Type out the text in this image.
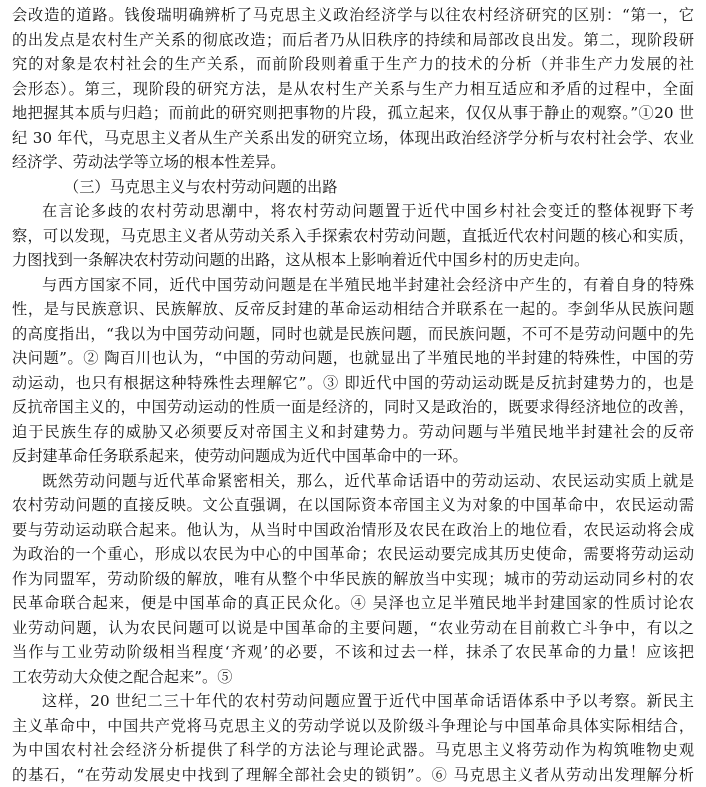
会改造的道路。钱俊瑞明确辨析了马克思主义政治经济学与以往农村经济研究的区别：“第一，它
的出发点是农村生产关系的彻底改造；而后者乃从旧秩序的持续和局部改良出发。第二，现阶段研
究的对象是农村社会的生产关系，而前阶段则着重于生产力的技术的分析（并非生产力发展的社
会形态）。第三，现阶段的研究方法，是从农村生产关系与生产力相互适应和矛盾的过程中，全面
地把握其本质与归趋；而前此的研究则把事物的片段，孤立起来，仅仅从事于静止的观察。”①20 世
纪 30 年代，马克思主义者从生产关系出发的研究立场，体现出政治经济学分析与农村社会学、农业
经济学、劳动法学等立场的根本性差异。
（三）马克思主义与农村劳动问题的出路
在言论多歧的农村劳动思潮中，将农村劳动问题置于近代中国乡村社会变迁的整体视野下考
察，可以发现，马克思主义者从劳动关系入手探索农村劳动问题，直抵近代农村问题的核心和实质，
力图找到一条解决农村劳动问题的出路，这从根本上影响着近代中国乡村的历史走向。
与西方国家不同，近代中国劳动问题是在半殖民地半封建社会经济中产生的，有着自身的特殊
性，是与民族意识、民族解放、反帝反封建的革命运动相结合并联系在一起的。李剑华从民族问题
的高度指出，“我以为中国劳动问题，同时也就是民族问题，而民族问题，不可不是劳动问题中的先
决问题”。② 陶百川也认为，“中国的劳动问题，也就显出了半殖民地的半封建的特殊性，中国的劳
动运动，也只有根据这种特殊性去理解它”。③ 即近代中国的劳动运动既是反抗封建势力的，也是
反抗帝国主义的，中国劳动运动的性质一面是经济的，同时又是政治的，既要求得经济地位的改善，
迫于民族生存的威胁又必须要反对帝国主义和封建势力。劳动问题与半殖民地半封建社会的反帝
反封建革命任务联系起来，使劳动问题成为近代中国革命中的一环。
既然劳动问题与近代革命紧密相关，那么，近代革命话语中的劳动运动、农民运动实质上就是
农村劳动问题的直接反映。文公直强调，在以国际资本帝国主义为对象的中国革命中，农民运动需
要与劳动运动联合起来。他认为，从当时中国政治情形及农民在政治上的地位看，农民运动将会成
为政治的一个重心，形成以农民为中心的中国革命；农民运动要完成其历史使命，需要将劳动运动
作为同盟军，劳动阶级的解放，唯有从整个中华民族的解放当中实现；城市的劳动运动同乡村的农
民革命联合起来，便是中国革命的真正民众化。④ 吴泽也立足半殖民地半封建国家的性质讨论农
业劳动问题，认为农民问题可以说是中国革命的主要问题，“农业劳动在目前救亡斗争中，有以之
当作与工业劳动阶级相当程度‘齐观’的必要，不该和过去一样，抹杀了农民革命的力量！应该把
工农劳动大众使之配合起来”。⑤
这样，20 世纪二三十年代的农村劳动问题应置于近代中国革命话语体系中予以考察。新民主
主义革命中，中国共产党将马克思主义的劳动学说以及阶级斗争理论与中国革命具体实际相结合，
为中国农村社会经济分析提供了科学的方法论与理论武器。马克思主义将劳动作为构筑唯物史观
的基石，“在劳动发展史中找到了理解全部社会史的锁钥”。⑥ 马克思主义者从劳动出发理解分析
